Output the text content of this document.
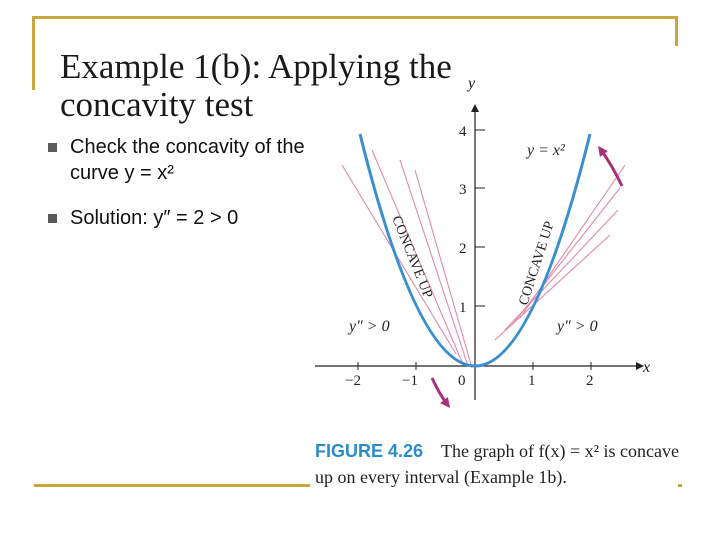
Example 1(b): Applying the concavity test
Check the concavity of the curve y = x²
Solution: y″ = 2 > 0
y
x
1
2
3
4
−2	−1	0	1	2
y = x²
CONCAVE UP	CONCAVE UP
y″ > 0	y″ > 0

FIGURE 4.26 The graph of f(x) = x² is concave up on every interval (Example 1b).
